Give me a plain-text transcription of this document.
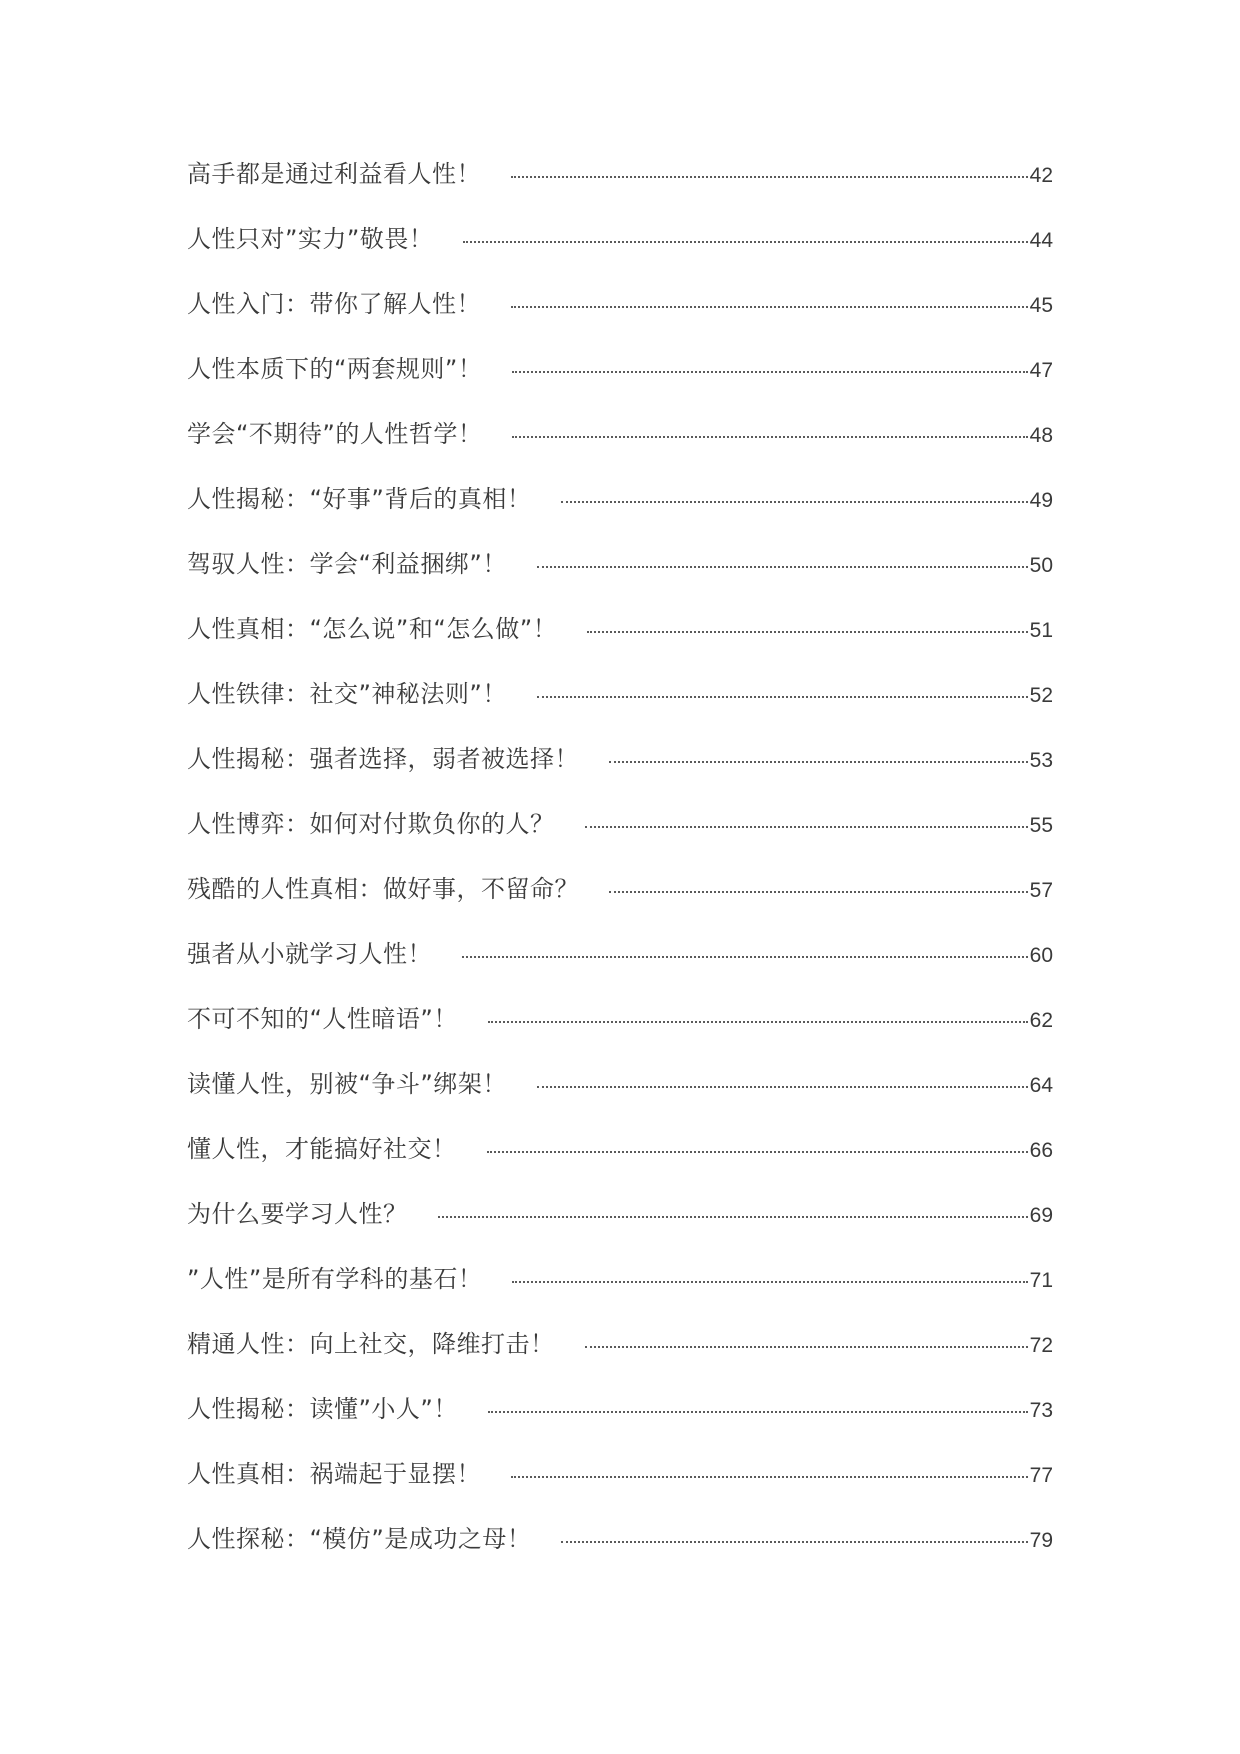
高手都是通过利益看人性！	42
人性只对”实力”敬畏！	44
人性入门：带你了解人性！	45
人性本质下的“两套规则”！	47
学会“不期待”的人性哲学！	48
人性揭秘：“好事”背后的真相！	49
驾驭人性：学会“利益捆绑”！	50
人性真相：“怎么说”和“怎么做”！	51
人性铁律：社交”神秘法则”！	52
人性揭秘：强者选择，弱者被选择！	53
人性博弈：如何对付欺负你的人？	55
残酷的人性真相：做好事，不留命？	57
强者从小就学习人性！	60
不可不知的“人性暗语”！	62
读懂人性，别被“争斗”绑架！	64
懂人性，才能搞好社交！	66
为什么要学习人性？	69
”人性”是所有学科的基石！	71
精通人性：向上社交，降维打击！	72
人性揭秘：读懂”小人”！	73
人性真相：祸端起于显摆！	77
人性探秘：“模仿”是成功之母！	79
